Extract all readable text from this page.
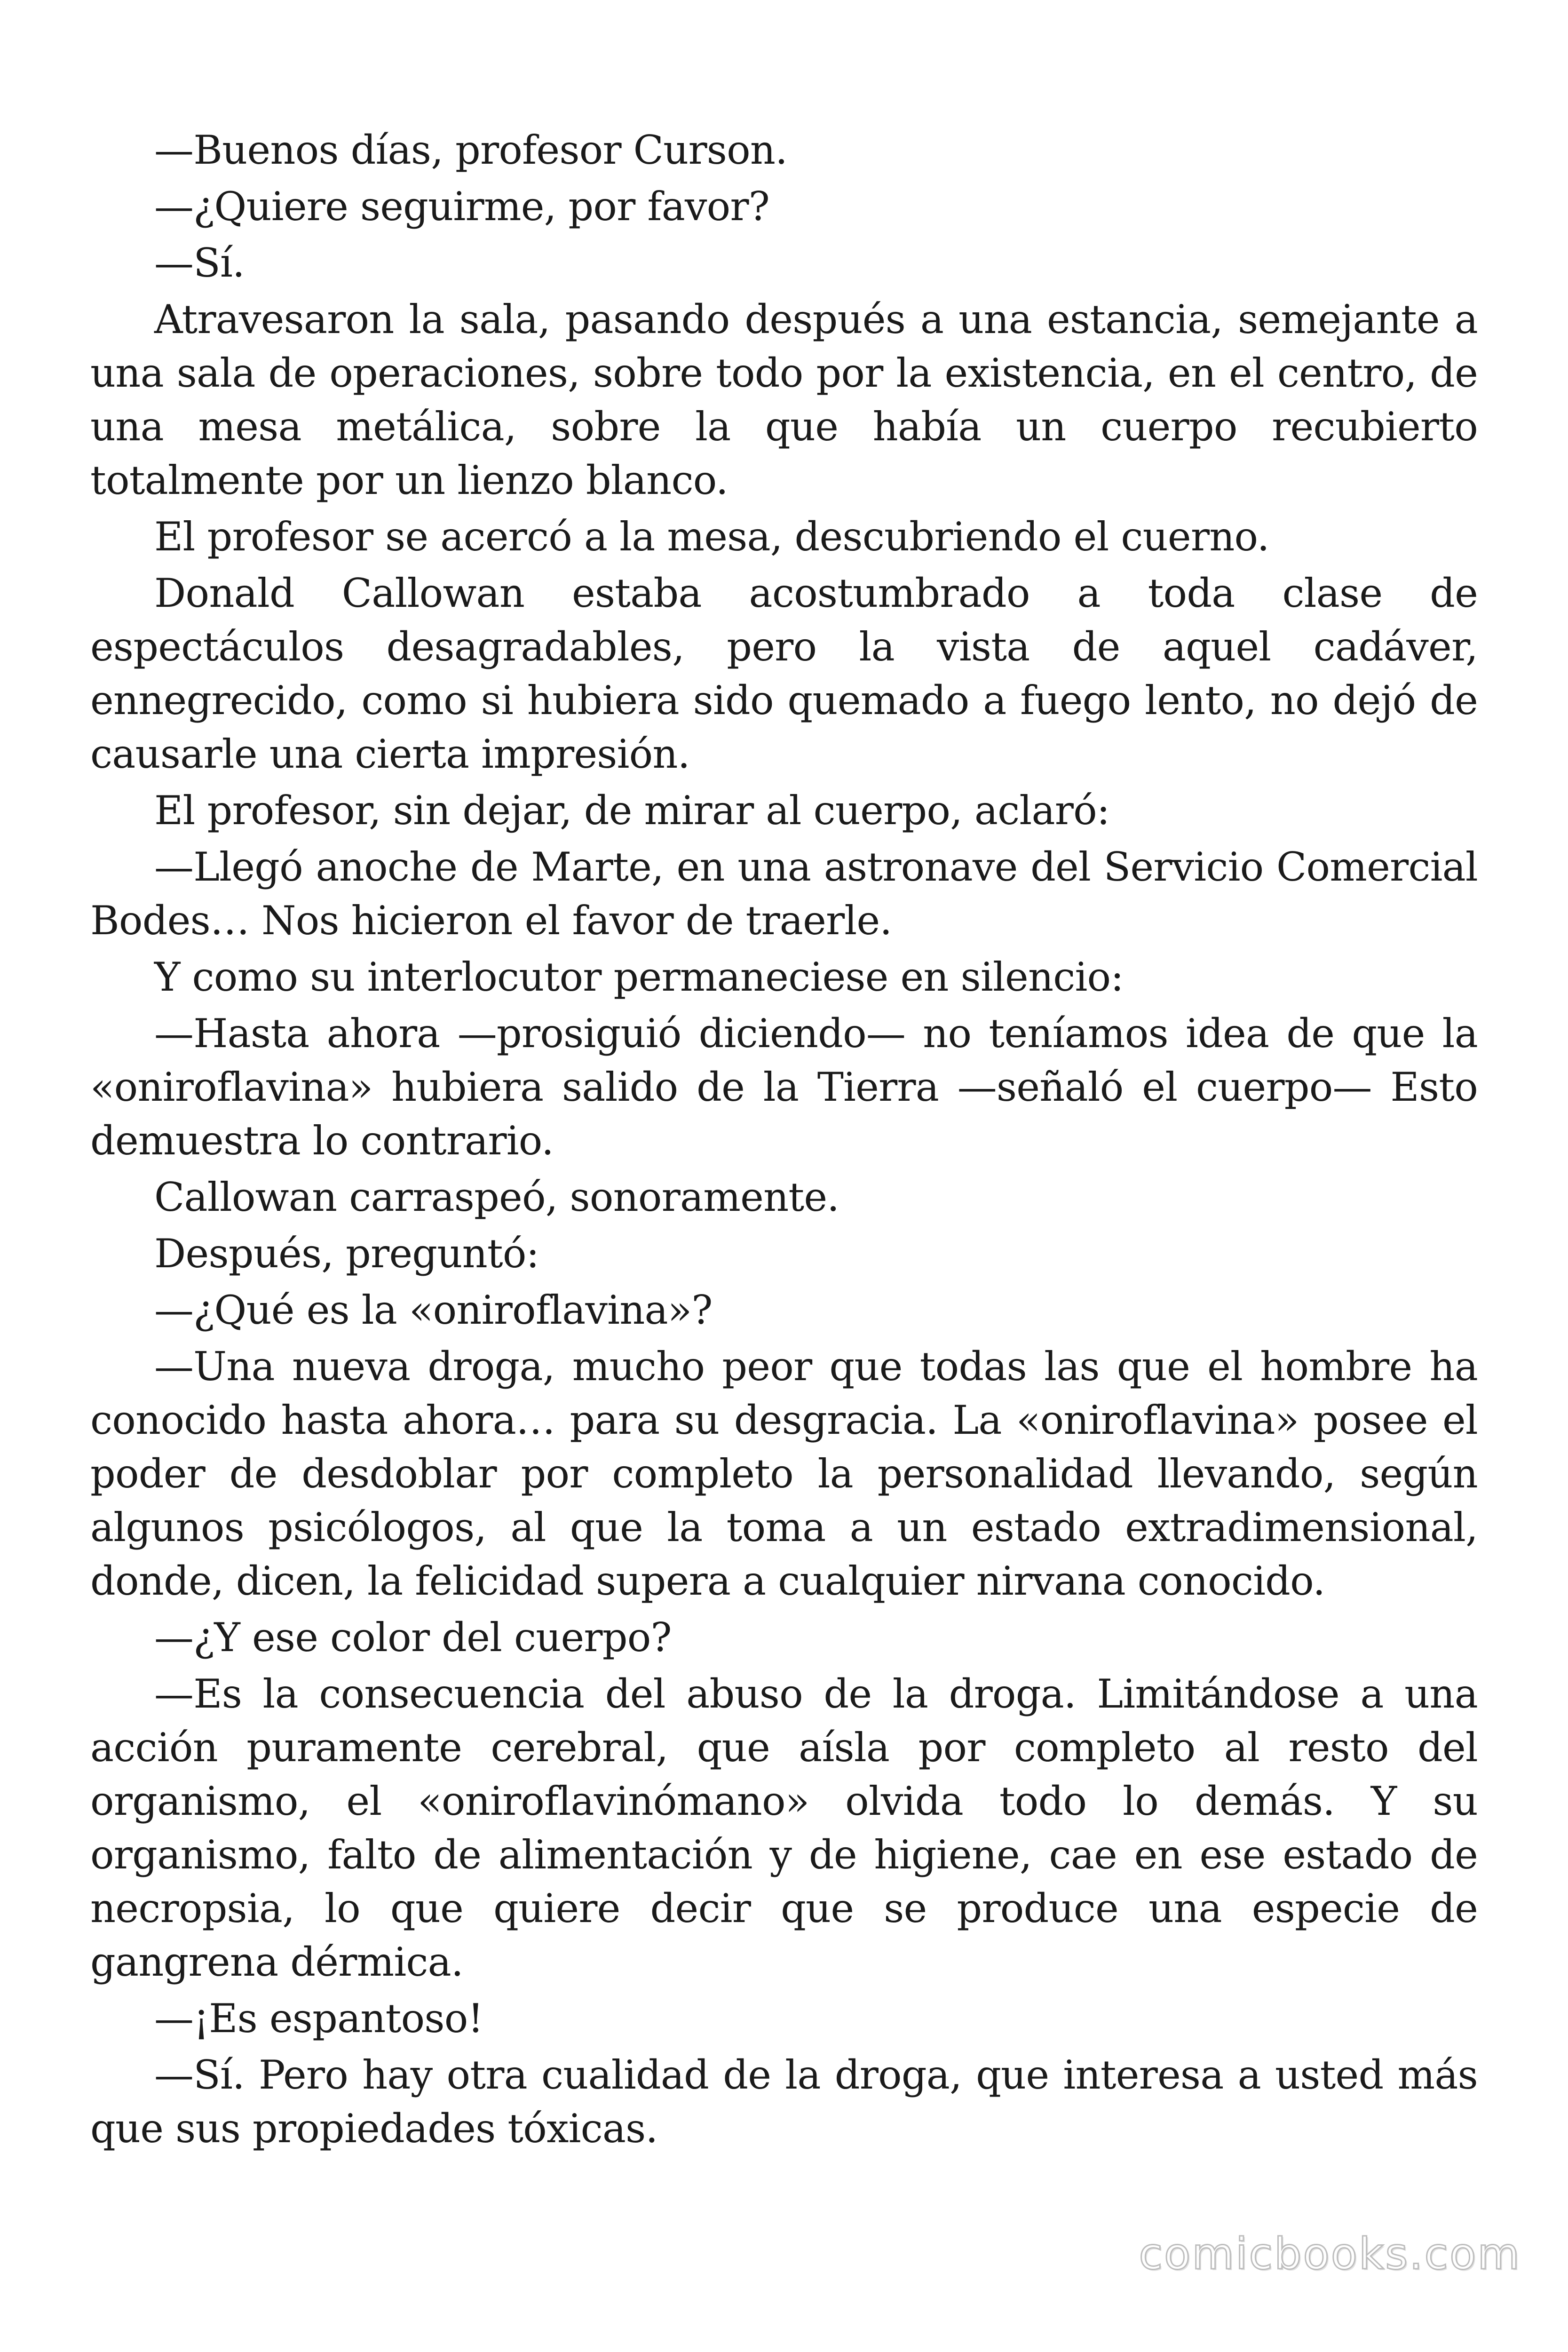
—Buenos días, profesor Curson.

—¿Quiere seguirme, por favor?

—Sí.

Atravesaron la sala, pasando después a una estancia, semejante a una sala de operaciones, sobre todo por la existencia, en el centro, de una mesa metálica, sobre la que había un cuerpo recubierto totalmente por un lienzo blanco.

El profesor se acercó a la mesa, descubriendo el cuerno.

Donald Callowan estaba acostumbrado a toda clase de espectáculos desagradables, pero la vista de aquel cadáver, ennegrecido, como si hubiera sido quemado a fuego lento, no dejó de causarle una cierta impresión.

El profesor, sin dejar, de mirar al cuerpo, aclaró:

—Llegó anoche de Marte, en una astronave del Servicio Comercial Bodes… Nos hicieron el favor de traerle.

Y como su interlocutor permaneciese en silencio:

—Hasta ahora —prosiguió diciendo— no teníamos idea de que la «oniroflavina» hubiera salido de la Tierra —señaló el cuerpo— Esto demuestra lo contrario.

Callowan carraspeó, sonoramente.

Después, preguntó:

—¿Qué es la «oniroflavina»?

—Una nueva droga, mucho peor que todas las que el hombre ha conocido hasta ahora… para su desgracia. La «oniroflavina» posee el poder de desdoblar por completo la personalidad llevando, según algunos psicólogos, al que la toma a un estado extradimensional, donde, dicen, la felicidad supera a cualquier nirvana conocido.

—¿Y ese color del cuerpo?

—Es la consecuencia del abuso de la droga. Limitándose a una acción puramente cerebral, que aísla por completo al resto del organismo, el «oniroflavinómano» olvida todo lo demás. Y su organismo, falto de alimentación y de higiene, cae en ese estado de necropsia, lo que quiere decir que se produce una especie de gangrena dérmica.

—¡Es espantoso!

—Sí. Pero hay otra cualidad de la droga, que interesa a usted más que sus propiedades tóxicas.

comicbooks.com
